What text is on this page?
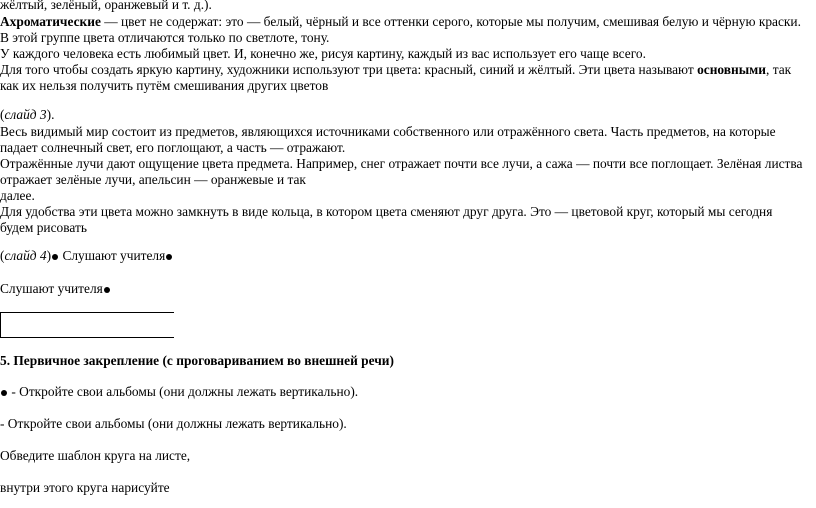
жёлтый, зелёный, оранжевый и т. д.).
Ахроматические — цвет не содержат: это — белый, чёрный и все оттенки серого, которые мы получим, смешивая белую и чёрную краски.
В этой группе цвета отличаются только по светлоте, тону.
У каждого человека есть любимый цвет. И, конечно же, рисуя картину, каждый из вас использует его чаще всего.
Для того чтобы создать яркую картину, художники используют три цвета: красный, синий и жёлтый. Эти цвета называют основными, так
как их нельзя получить путём смешивания других цветов
(слайд 3).
Весь видимый мир состоит из предметов, являющихся источниками собственного или отражённого света. Часть предметов, на которые
падает солнечный свет, его поглощают, а часть — отражают.
Отражённые лучи дают ощущение цвета предмета. Например, снег отражает почти все лучи, а сажа — почти все поглощает. Зелёная листва
отражает зелёные лучи, апельсин — оранжевые и так
далее.
Для удобства эти цвета можно замкнуть в виде кольца, в котором цвета сменяют друг друга. Это — цветовой круг, который мы сегодня
будем рисовать
(слайд 4) Слушают учителя
Слушают учителя
5. Первичное закрепление (с проговариванием во внешней речи)
- Откройте свои альбомы (они должны лежать вертикально).
- Откройте свои альбомы (они должны лежать вертикально).
Обведите шаблон круга на листе,
внутри этого круга нарисуйте
